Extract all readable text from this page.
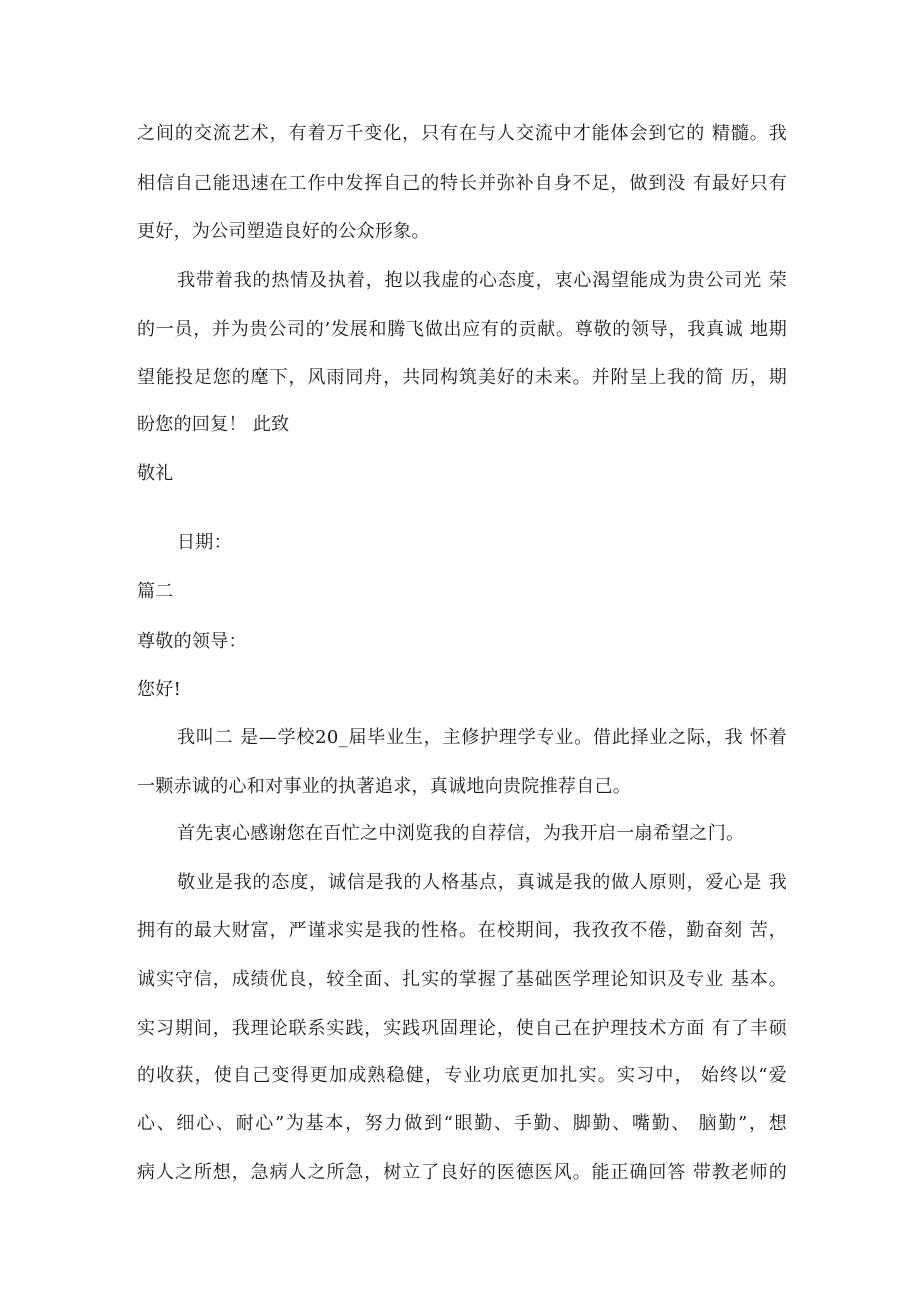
之间的交流艺术，有着万千变化，只有在与人交流中才能体会到它的 精髓。我

相信自己能迅速在工作中发挥自己的特长并弥补自身不足，做到没 有最好只有

更好，为公司塑造良好的公众形象。

我带着我的热情及执着，抱以我虚的心态度，衷心渴望能成为贵公司光 荣

的一员，并为贵公司的’发展和腾飞做出应有的贡献。尊敬的领导，我真诚 地期

望能投足您的麾下，风雨同舟，共同构筑美好的未来。并附呈上我的简 历，期

盼您的回复！ 此致

敬礼

日期：

篇二

尊敬的领导：

您好!

我叫二 是—学校20_届毕业生，主修护理学专业。借此择业之际，我 怀着

一颗赤诚的心和对事业的执著追求，真诚地向贵院推荐自己。

首先衷心感谢您在百忙之中浏览我的自荐信，为我开启一扇希望之门。

敬业是我的态度，诚信是我的人格基点，真诚是我的做人原则，爱心是 我

拥有的最大财富，严谨求实是我的性格。在校期间，我孜孜不倦，勤奋刻 苦，

诚实守信，成绩优良，较全面、扎实的掌握了基础医学理论知识及专业 基本。

实习期间，我理论联系实践，实践巩固理论，使自己在护理技术方面 有了丰硕

的收获，使自己变得更加成熟稳健，专业功底更加扎实。实习中， 始终以“爱

心、细心、耐心”为基本，努力做到“眼勤、手勤、脚勤、嘴勤、 脑勤”，想

病人之所想，急病人之所急，树立了良好的医德医风。能正确回答 带教老师的
